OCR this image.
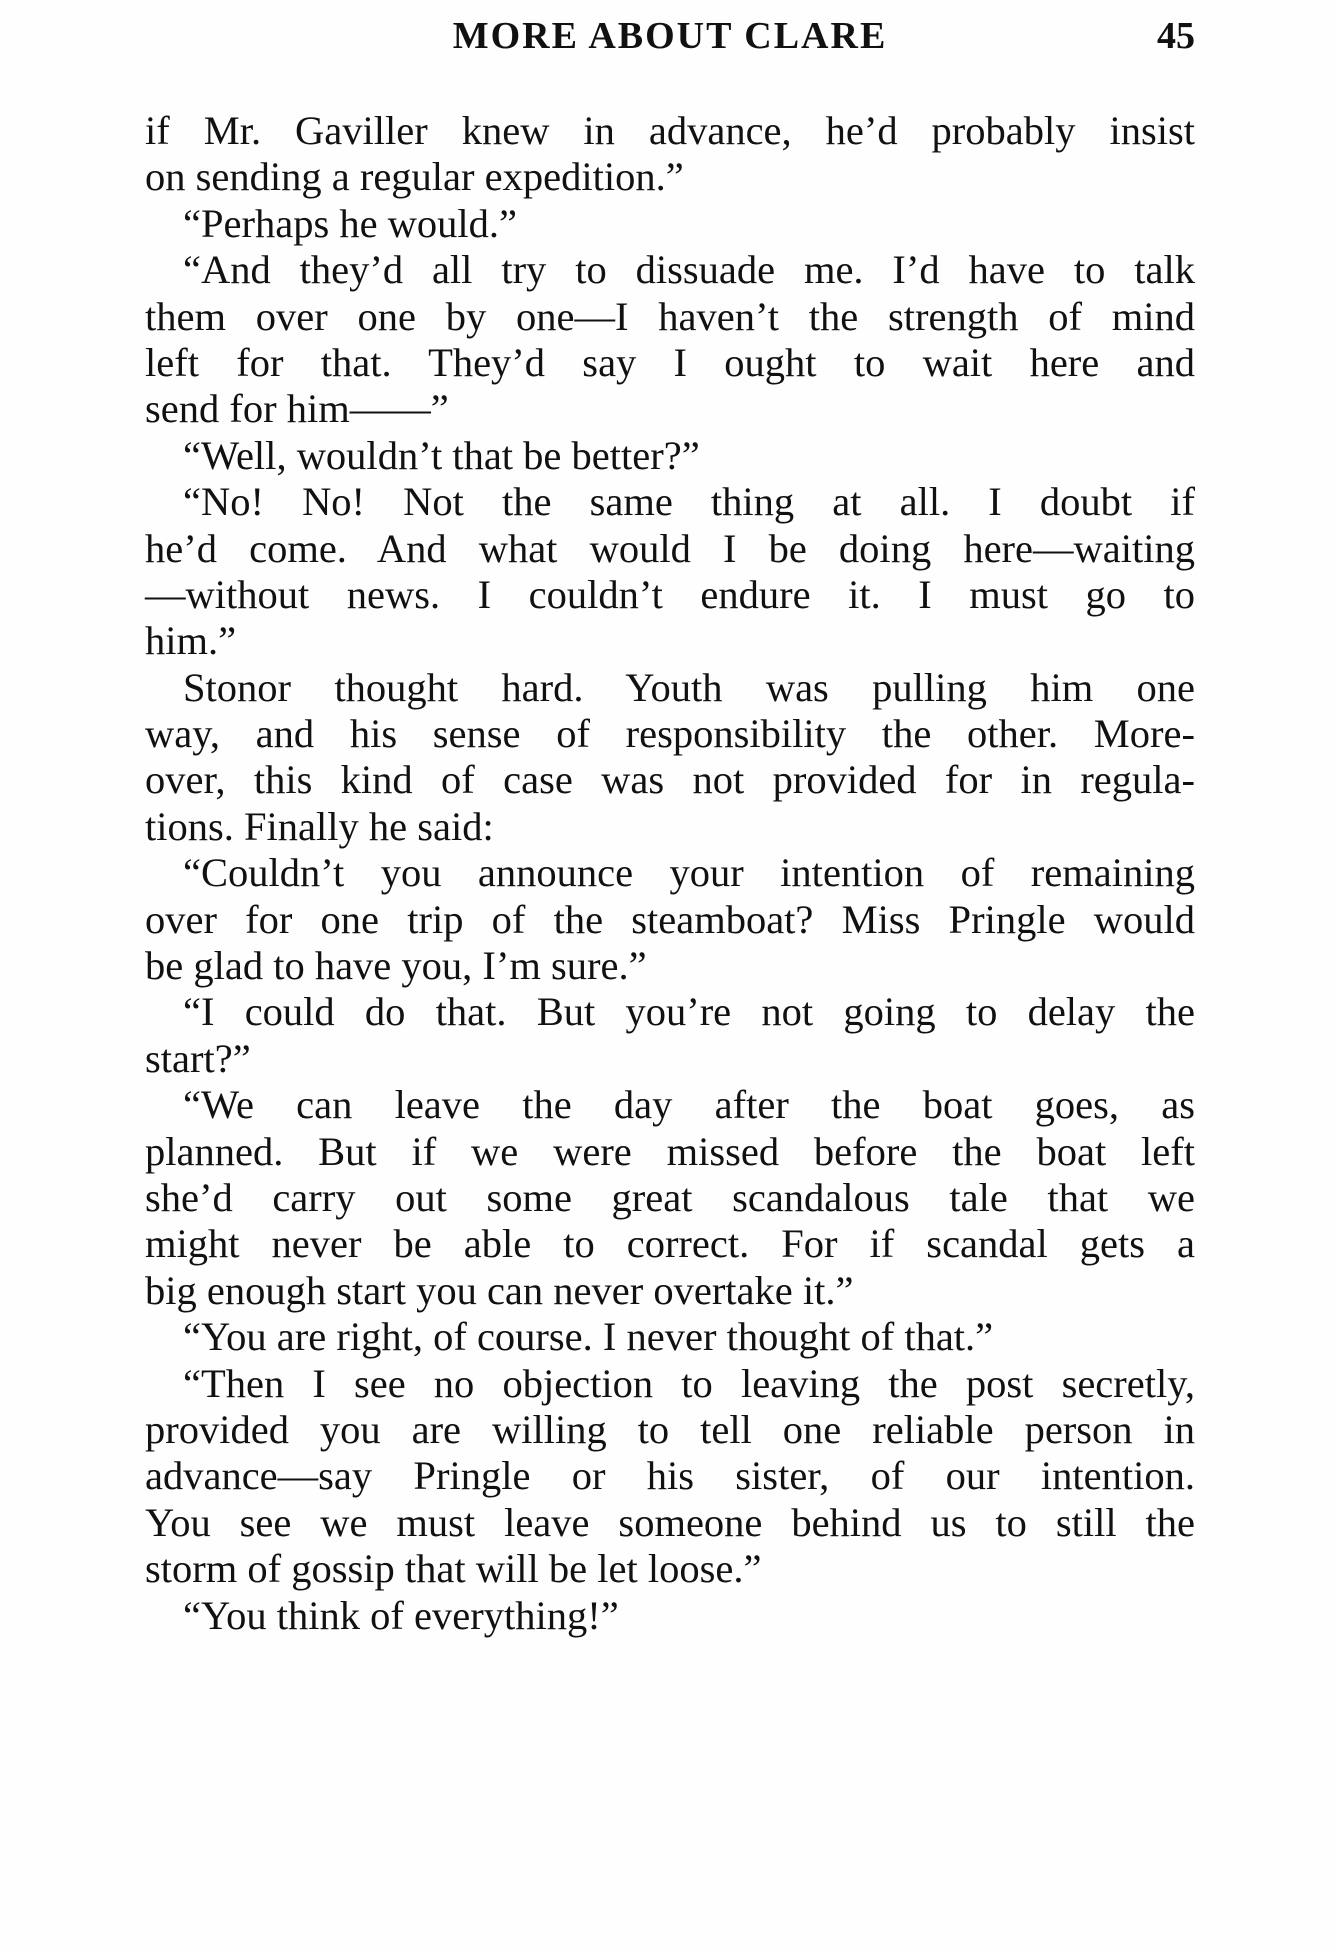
MORE ABOUT CLARE	45
if Mr. Gaviller knew in advance, he’d probably insist
on sending a regular expedition.”
“Perhaps he would.”
“And they’d all try to dissuade me. I’d have to talk
them over one by one—I haven’t the strength of mind
left for that. They’d say I ought to wait here and
send for him——”
“Well, wouldn’t that be better?”
“No! No! Not the same thing at all. I doubt if
he’d come. And what would I be doing here—waiting
—without news. I couldn’t endure it. I must go to
him.”
Stonor thought hard. Youth was pulling him one
way, and his sense of responsibility the other. More-
over, this kind of case was not provided for in regula-
tions. Finally he said:
“Couldn’t you announce your intention of remaining
over for one trip of the steamboat? Miss Pringle would
be glad to have you, I’m sure.”
“I could do that. But you’re not going to delay the
start?”
“We can leave the day after the boat goes, as
planned. But if we were missed before the boat left
she’d carry out some great scandalous tale that we
might never be able to correct. For if scandal gets a
big enough start you can never overtake it.”
“You are right, of course. I never thought of that.”
“Then I see no objection to leaving the post secretly,
provided you are willing to tell one reliable person in
advance—say Pringle or his sister, of our intention.
You see we must leave someone behind us to still the
storm of gossip that will be let loose.”
“You think of everything!”
